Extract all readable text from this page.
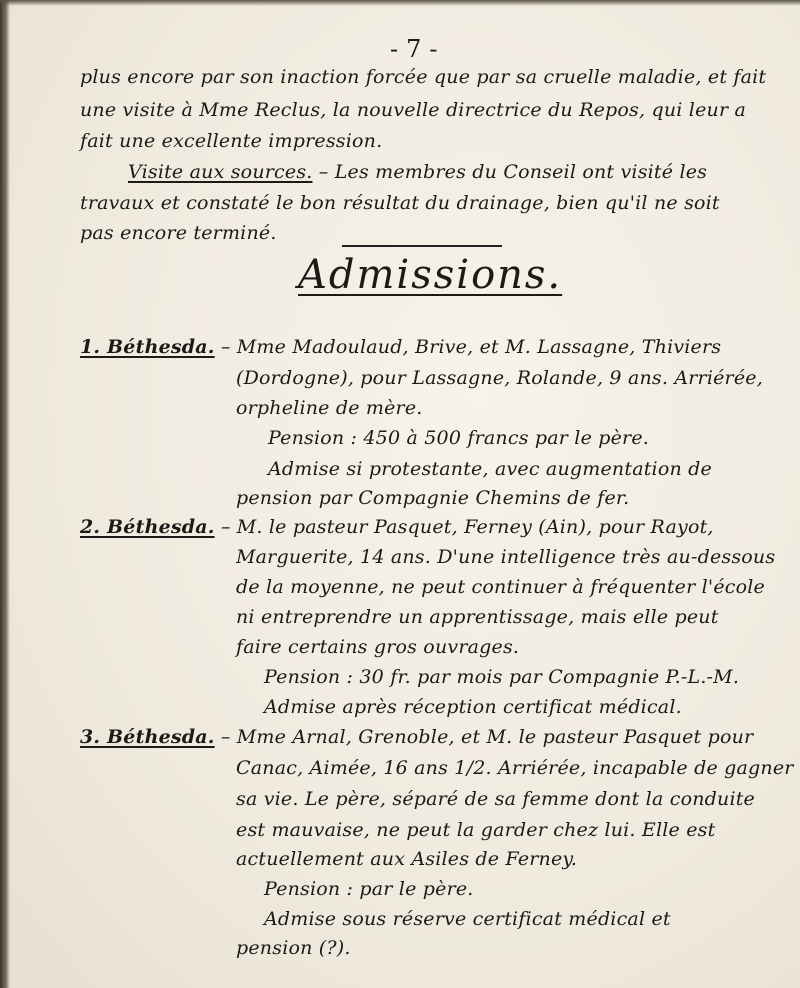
- 7 -
plus encore par son inaction forcée que par sa cruelle maladie, et fait
une visite à Mme Reclus, la nouvelle directrice du Repos, qui leur a
fait une excellente impression.
Visite aux sources. – Les membres du Conseil ont visité les
travaux et constaté le bon résultat du drainage, bien qu'il ne soit
pas encore terminé.
Admissions.
1. Béthesda. – Mme Madoulaud, Brive, et M. Lassagne, Thiviers
(Dordogne), pour Lassagne, Rolande, 9 ans. Arriérée,
orpheline de mère.
Pension : 450 à 500 francs par le père.
Admise si protestante, avec augmentation de
pension par Compagnie Chemins de fer.
2. Béthesda. – M. le pasteur Pasquet, Ferney (Ain), pour Rayot,
Marguerite, 14 ans. D'une intelligence très au-dessous
de la moyenne, ne peut continuer à fréquenter l'école
ni entreprendre un apprentissage, mais elle peut
faire certains gros ouvrages.
Pension : 30 fr. par mois par Compagnie P.-L.-M.
Admise après réception certificat médical.
3. Béthesda. – Mme Arnal, Grenoble, et M. le pasteur Pasquet pour
Canac, Aimée, 16 ans 1/2. Arriérée, incapable de gagner
sa vie. Le père, séparé de sa femme dont la conduite
est mauvaise, ne peut la garder chez lui. Elle est
actuellement aux Asiles de Ferney.
Pension : par le père.
Admise sous réserve certificat médical et
pension (?).
